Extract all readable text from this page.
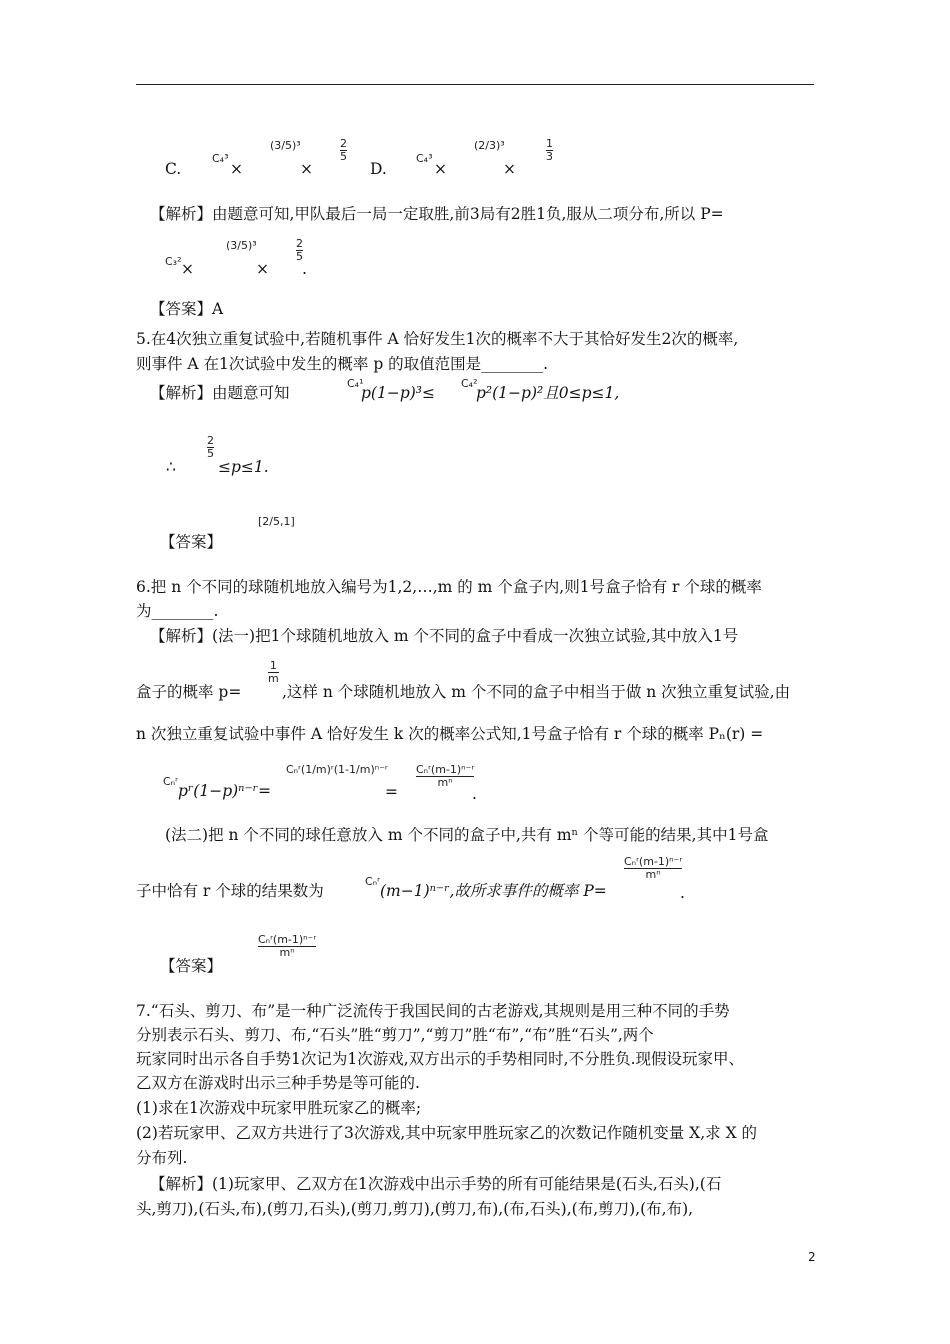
C.
C₄³
×
(3/5)³
×
$\frac{2}{5}$
D.
C₄³
×
(2/3)³
×
$\frac{1}{3}$
【解析】由题意可知,甲队最后一局一定取胜,前3局有2胜1负,服从二项分布,所以 P=
C₃² ×
(3/5)³
×
$\frac{2}{5}$
.
【答案】A
5.在4次独立重复试验中,若随机事件 A 恰好发生1次的概率不大于其恰好发生2次的概率,
则事件 A 在1次试验中发生的概率 p 的取值范围是________.
【解析】由题意可知
C₄¹
p(1−p)³≤
C₄²
p²(1−p)²且0≤p≤1,
∴
$\frac{2}{5}$
≤p≤1.
【答案】
[2/5,1]
6.把 n 个不同的球随机地放入编号为1,2,…,m 的 m 个盒子内,则1号盒子恰有 r 个球的概率
为________.
【解析】(法一)把1个球随机地放入 m 个不同的盒子中看成一次独立试验,其中放入1号
盒子的概率 p=
$\frac{1}{m}$
,这样 n 个球随机地放入 m 个不同的盒子中相当于做 n 次独立重复试验,由
n 次独立重复试验中事件 A 恰好发生 k 次的概率公式知,1号盒子恰有 r 个球的概率 Pₙ(r) =
Cₙʳ
pʳ(1−p)ⁿ⁻ʳ=
Cₙʳ(1/m)ʳ(1-1/m)ⁿ⁻ʳ
=
$\frac{\text{Cₙʳ(m-1)ⁿ⁻ʳ}}{\text{mⁿ}}$
.
(法二)把 n 个不同的球任意放入 m 个不同的盒子中,共有 mⁿ 个等可能的结果,其中1号盒
子中恰有 r 个球的结果数为
Cₙʳ
(m−1)ⁿ⁻ʳ,故所求事件的概率 P=
$\frac{\text{Cₙʳ(m-1)ⁿ⁻ʳ}}{\text{mⁿ}}$
.
【答案】
$\frac{\text{Cₙʳ(m-1)ⁿ⁻ʳ}}{\text{mⁿ}}$
7.“石头、剪刀、布”是一种广泛流传于我国民间的古老游戏,其规则是用三种不同的手势
分别表示石头、剪刀、布,“石头”胜“剪刀”,“剪刀”胜“布”,“布”胜“石头”,两个
玩家同时出示各自手势1次记为1次游戏,双方出示的手势相同时,不分胜负.现假设玩家甲、
乙双方在游戏时出示三种手势是等可能的.
(1)求在1次游戏中玩家甲胜玩家乙的概率;
(2)若玩家甲、乙双方共进行了3次游戏,其中玩家甲胜玩家乙的次数记作随机变量 X,求 X 的
分布列.
【解析】(1)玩家甲、乙双方在1次游戏中出示手势的所有可能结果是(石头,石头),(石
头,剪刀),(石头,布),(剪刀,石头),(剪刀,剪刀),(剪刀,布),(布,石头),(布,剪刀),(布,布),
2
